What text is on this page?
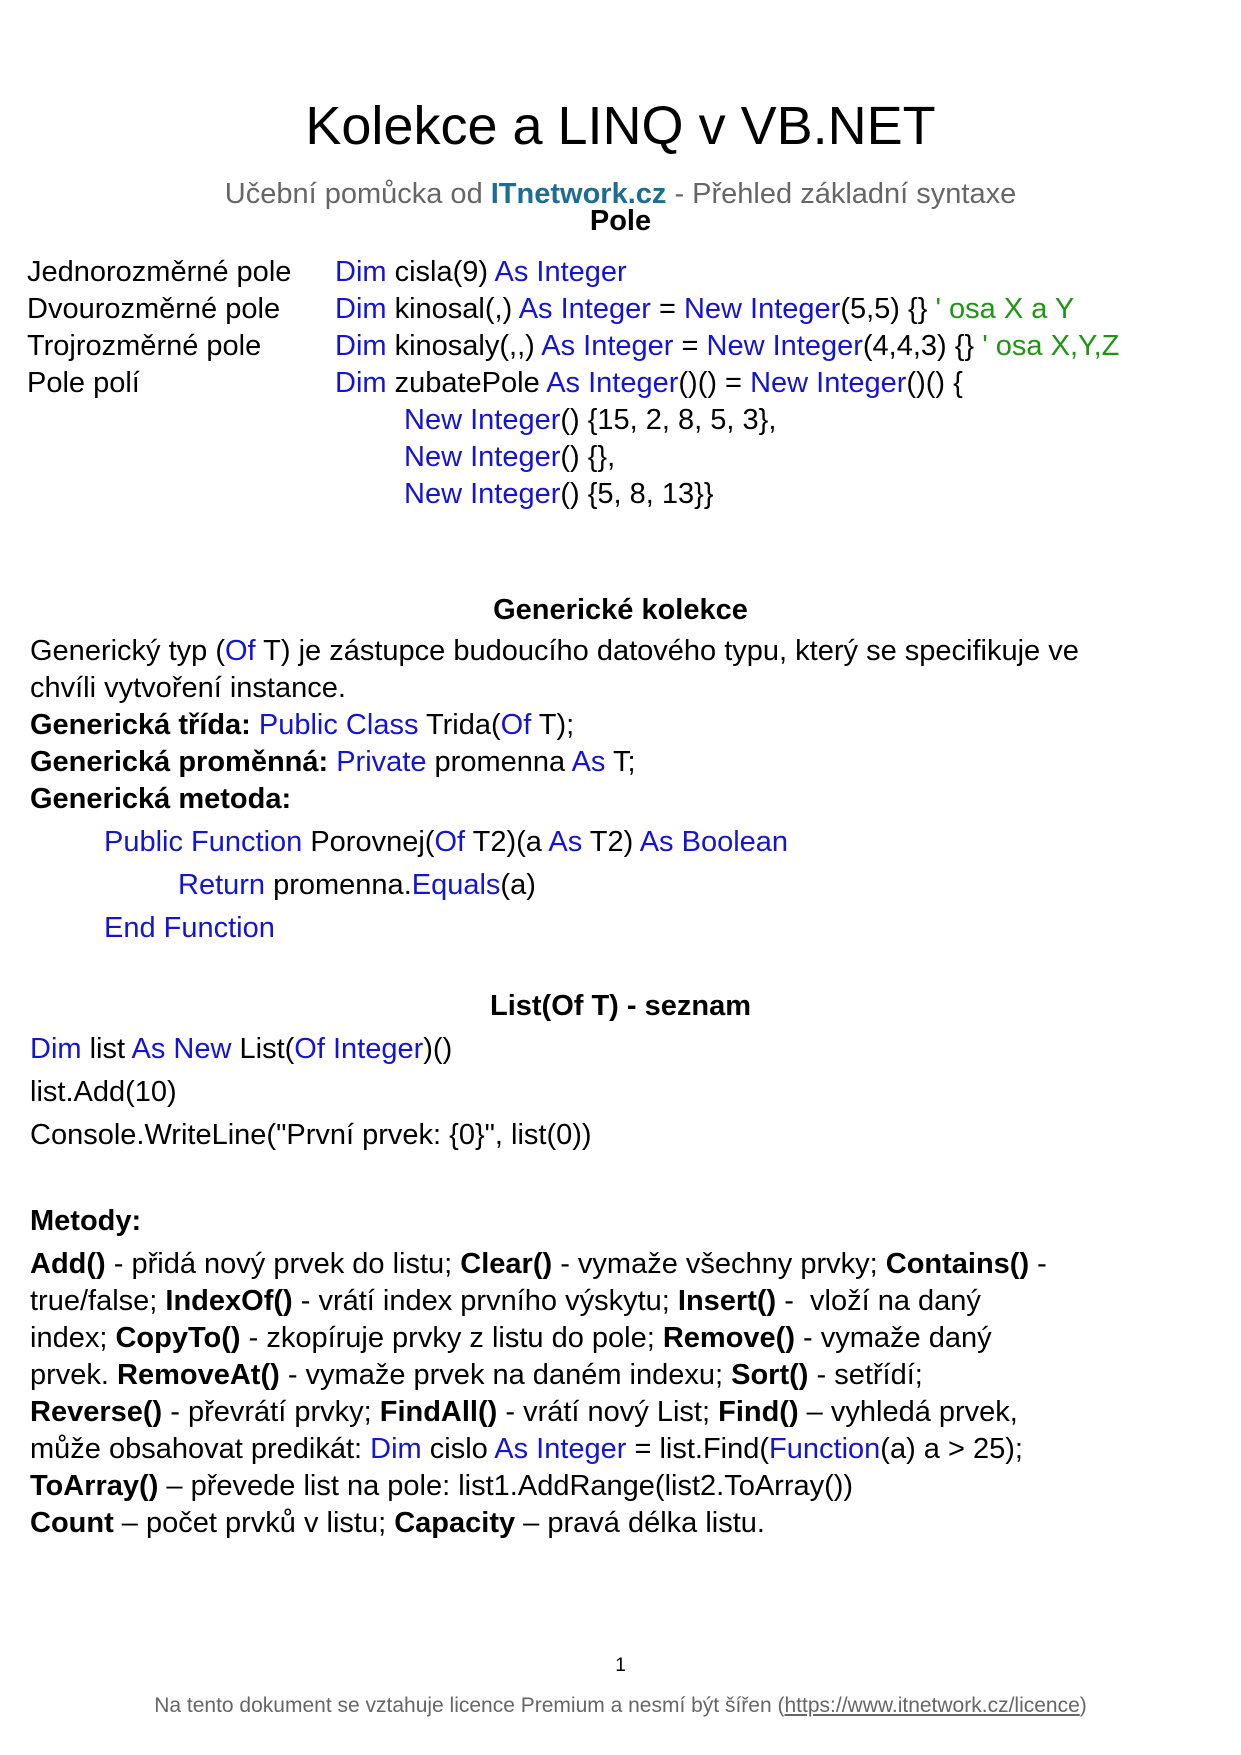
Kolekce a LINQ v VB.NET
Učební pomůcka od ITnetwork.cz - Přehled základní syntaxe
Pole
Jednorozměrné pole
Dvourozměrné pole
Trojrozměrné pole
Pole polí
Dim cisla(9) As Integer
Dim kinosal(,) As Integer = New Integer(5,5) {} ' osa X a Y
Dim kinosaly(,,) As Integer = New Integer(4,4,3) {} ' osa X,Y,Z
Dim zubatePole As Integer()() = New Integer()() {
New Integer() {15, 2, 8, 5, 3},
New Integer() {},
New Integer() {5, 8, 13}}
Generické kolekce
Generický typ (Of T) je zástupce budoucího datového typu, který se specifikuje ve
chvíli vytvoření instance.
Generická třída: Public Class Trida(Of T);
Generická proměnná: Private promenna As T;
Generická metoda:
Public Function Porovnej(Of T2)(a As T2) As Boolean
Return promenna.Equals(a)
End Function
List(Of T) - seznam
Dim list As New List(Of Integer)()
list.Add(10)
Console.WriteLine("První prvek: {0}", list(0))
Metody:
Add() - přidá nový prvek do listu; Clear() - vymaže všechny prvky; Contains() -
true/false; IndexOf() - vrátí index prvního výskytu; Insert() -  vloží na daný
index; CopyTo() - zkopíruje prvky z listu do pole; Remove() - vymaže daný
prvek. RemoveAt() - vymaže prvek na daném indexu; Sort() - setřídí;
Reverse() - převrátí prvky; FindAll() - vrátí nový List; Find() – vyhledá prvek,
může obsahovat predikát: Dim cislo As Integer = list.Find(Function(a) a > 25);
ToArray() – převede list na pole: list1.AddRange(list2.ToArray())
Count – počet prvků v listu; Capacity – pravá délka listu.
1
Na tento dokument se vztahuje licence Premium a nesmí být šířen (https://www.itnetwork.cz/licence)
